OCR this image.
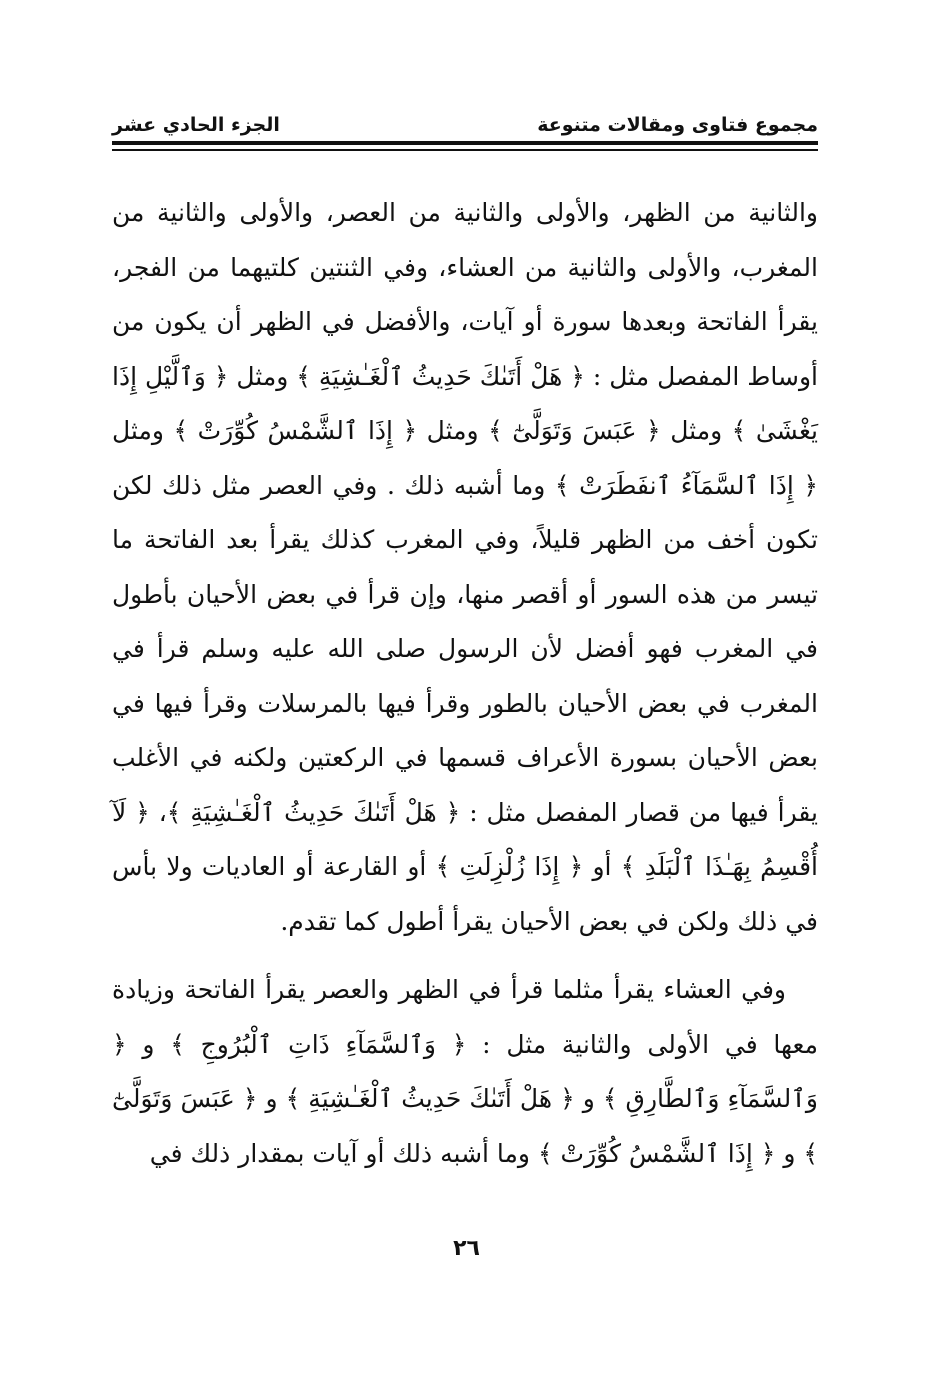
الجزء الحادي عشر	مجموع فتاوى ومقالات متنوعة

والثانية من الظهر، والأولى والثانية من العصر، والأولى والثانية من المغرب، والأولى والثانية من العشاء، وفي الثنتين كلتيهما من الفجر، يقرأ الفاتحة وبعدها سورة أو آيات، والأفضل في الظهر أن يكون من أوساط المفصل مثل : ﴿ هَلْ أَتَىٰكَ حَدِيثُ ٱلْغَـٰشِيَةِ ﴾ ومثل ﴿ وَٱلَّيْلِ إِذَا يَغْشَىٰ ﴾ ومثل ﴿ عَبَسَ وَتَوَلَّىٰٓ ﴾ ومثل ﴿ إِذَا ٱلشَّمْسُ كُوِّرَتْ ﴾ ومثل ﴿ إِذَا ٱلسَّمَآءُ ٱنفَطَرَتْ ﴾ وما أشبه ذلك . وفي العصر مثل ذلك لكن تكون أخف من الظهر قليلاً، وفي المغرب كذلك يقرأ بعد الفاتحة ما تيسر من هذه السور أو أقصر منها، وإن قرأ في بعض الأحيان بأطول في المغرب فهو أفضل لأن الرسول صلى الله عليه وسلم قرأ في المغرب في بعض الأحيان بالطور وقرأ فيها بالمرسلات وقرأ فيها في بعض الأحيان بسورة الأعراف قسمها في الركعتين ولكنه في الأغلب يقرأ فيها من قصار المفصل مثل : ﴿ هَلْ أَتَىٰكَ حَدِيثُ ٱلْغَـٰشِيَةِ ﴾، ﴿ لَآ أُقْسِمُ بِهَـٰذَا ٱلْبَلَدِ ﴾ أو ﴿ إِذَا زُلْزِلَتِ ﴾ أو القارعة أو العاديات ولا بأس في ذلك ولكن في بعض الأحيان يقرأ أطول كما تقدم.

وفي العشاء يقرأ مثلما قرأ في الظهر والعصر يقرأ الفاتحة وزيادة معها في الأولى والثانية مثل : ﴿ وَٱلسَّمَآءِ ذَاتِ ٱلْبُرُوجِ ﴾ و ﴿ وَٱلسَّمَآءِ وَٱلطَّارِقِ ﴾ و ﴿ هَلْ أَتَىٰكَ حَدِيثُ ٱلْغَـٰشِيَةِ ﴾ و ﴿ عَبَسَ وَتَوَلَّىٰٓ ﴾ و ﴿ إِذَا ٱلشَّمْسُ كُوِّرَتْ ﴾ وما أشبه ذلك أو آيات بمقدار ذلك في

٢٦
